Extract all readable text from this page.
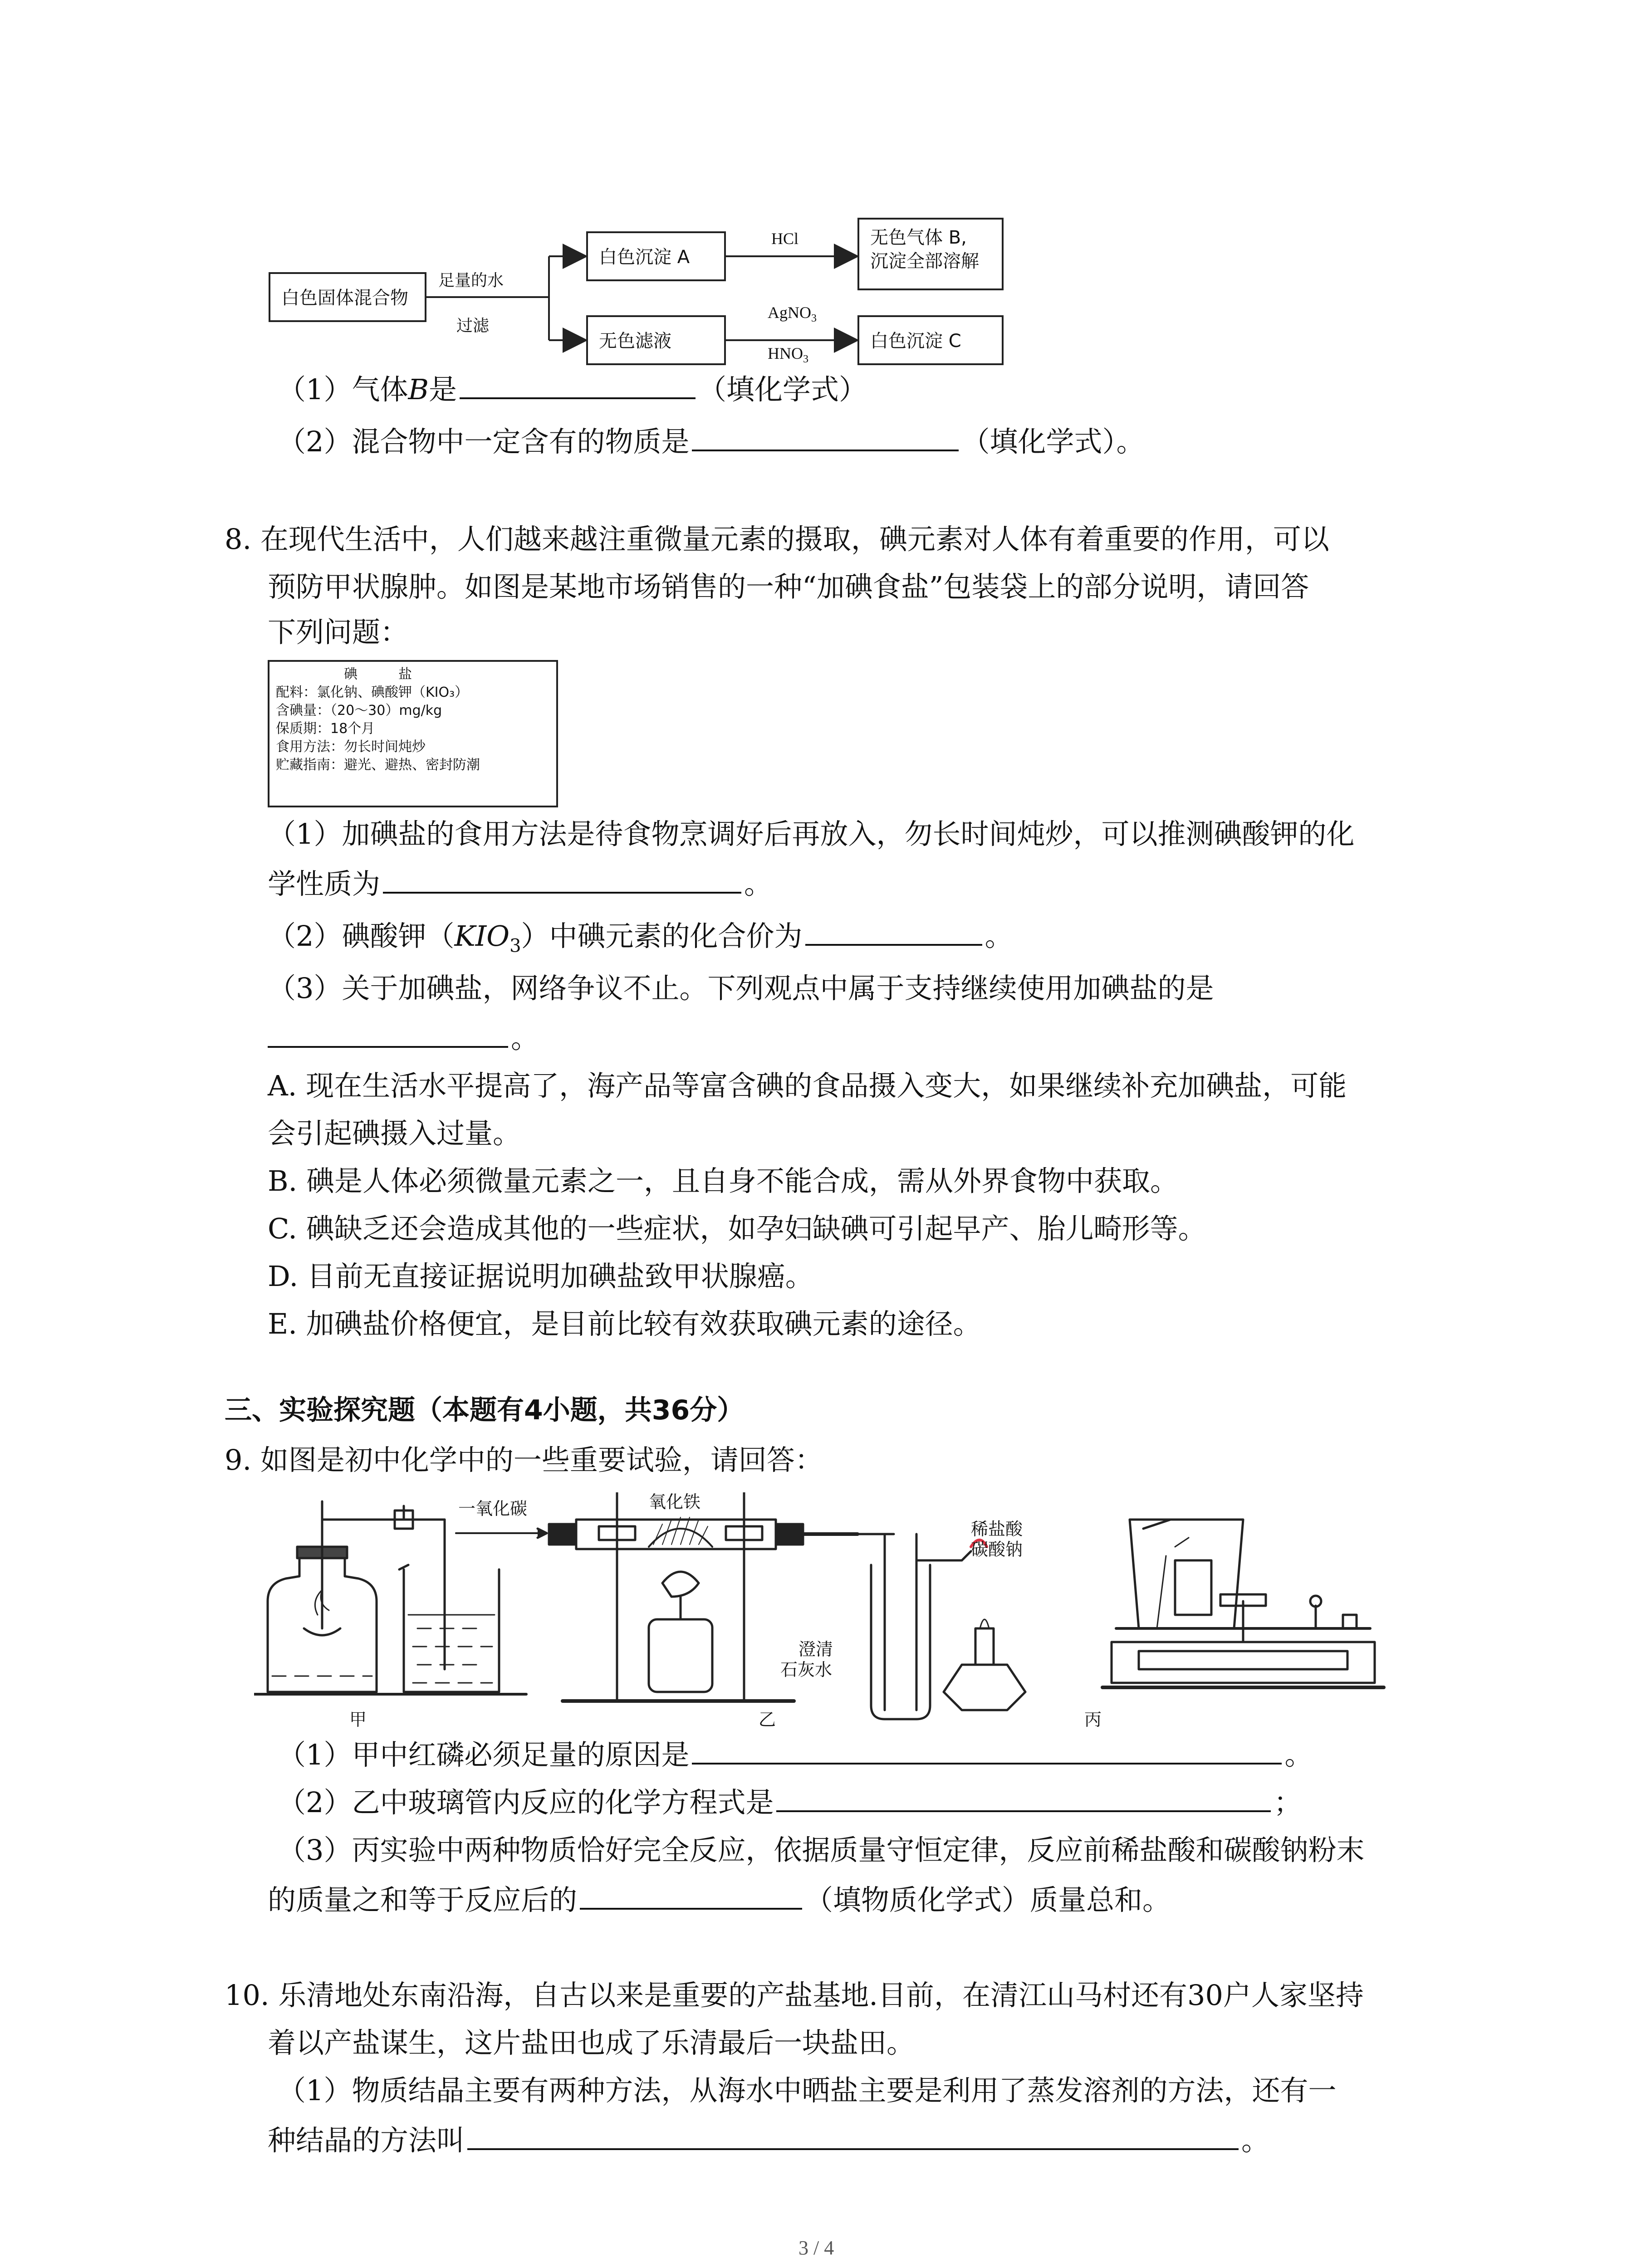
白色固体混合物
足量的水
过滤
白色沉淀 A
无色滤液
无色气体 B,
沉淀全部溶解
白色沉淀 C
HCl
AgNO$_3$
$HNO_3$
（1）气体B是	（填化学式）
（2）混合物中一定含有的物质是	（填化学式）。
8. 在现代生活中，人们越来越注重微量元素的摄取，碘元素对人体有着重要的作用，可以
预防甲状腺肿。如图是某地市场销售的一种“加碘食盐”包装袋上的部分说明，请回答
下列问题：
碘　　　盐
配料：氯化钠、碘酸钾（KIO₃）
含碘量：（20～30）mg/kg
保质期：18个月
食用方法：勿长时间炖炒
贮藏指南：避光、避热、密封防潮
（1）加碘盐的食用方法是待食物烹调好后再放入，勿长时间炖炒，可以推测碘酸钾的化
学性质为	。
（2）碘酸钾$(KIO_3)$中碘元素的化合价为	。
（3）关于加碘盐，网络争议不止。下列观点中属于支持继续使用加碘盐的是
。
A. 现在生活水平提高了，海产品等富含碘的食品摄入变大，如果继续补充加碘盐，可能
会引起碘摄入过量。
B. 碘是人体必须微量元素之一，且自身不能合成，需从外界食物中获取。
C. 碘缺乏还会造成其他的一些症状，如孕妇缺碘可引起早产、胎儿畸形等。
D. 目前无直接证据说明加碘盐致甲状腺癌。
E. 加碘盐价格便宜，是目前比较有效获取碘元素的途径。
三、实验探究题（本题有4小题，共36分）
9. 如图是初中化学中的一些重要试验，请回答：
一氧化碳	氧化铁
澄清
石灰水
稀盐酸
碳酸钠
甲	乙	丙
（1）甲中红磷必须足量的原因是	。
（2）乙中玻璃管内反应的化学方程式是	；
（3）丙实验中两种物质恰好完全反应，依据质量守恒定律，反应前稀盐酸和碳酸钠粉末
的质量之和等于反应后的	（填物质化学式）质量总和。
10. 乐清地处东南沿海，自古以来是重要的产盐基地.目前，在清江山马村还有30户人家坚持
着以产盐谋生，这片盐田也成了乐清最后一块盐田。
（1）物质结晶主要有两种方法，从海水中晒盐主要是利用了蒸发溶剂的方法，还有一
种结晶的方法叫	。
3 / 4
